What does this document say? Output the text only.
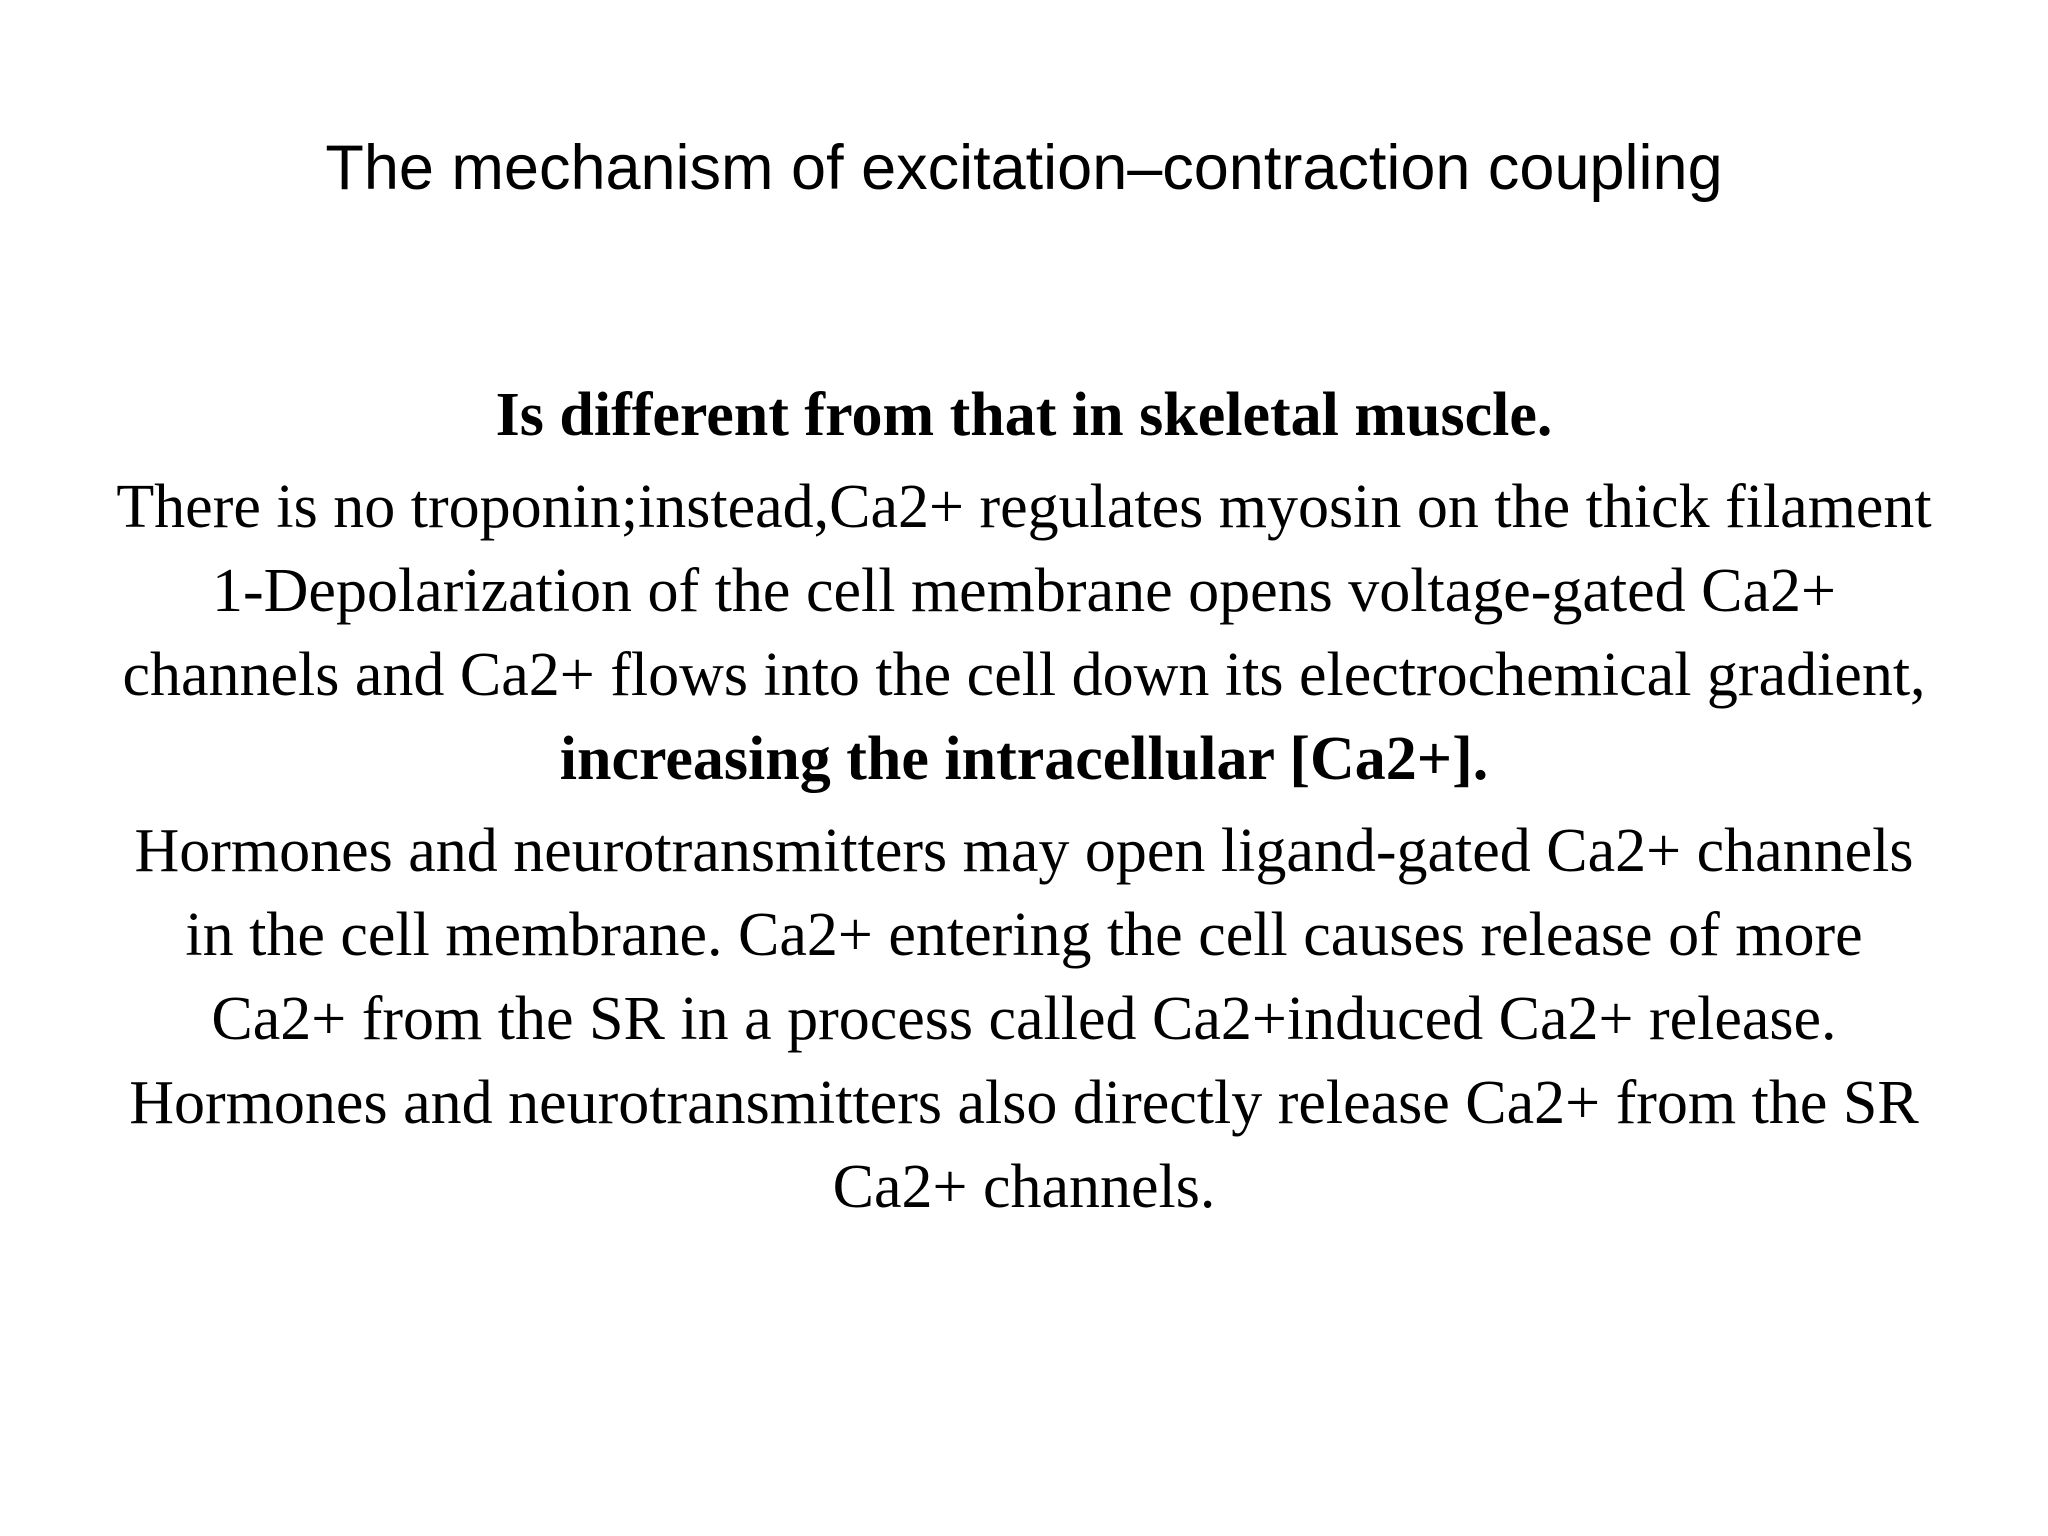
The mechanism of excitation–contraction coupling
Is different from that in skeletal muscle.
There is no troponin;instead,Ca2+ regulates myosin on the thick filament
1-Depolarization of the cell membrane opens voltage-gated Ca2+
channels and Ca2+ flows into the cell down its electrochemical gradient,
increasing the intracellular [Ca2+].
Hormones and neurotransmitters may open ligand-gated Ca2+ channels
in the cell membrane. Ca2+ entering the cell causes release of more
Ca2+ from the SR in a process called Ca2+induced Ca2+ release.
Hormones and neurotransmitters also directly release Ca2+ from the SR
Ca2+ channels.
